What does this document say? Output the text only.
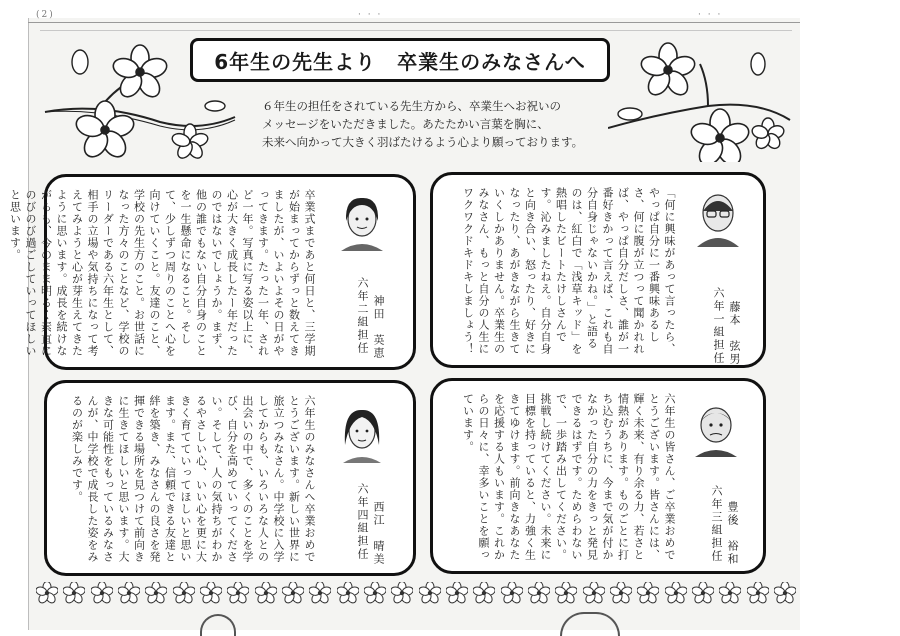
(2)	· · ·	· · ·
6年生の先生より　卒業生のみなさんへ

６年生の担任をされている先生方から、卒業生へお祝いの

メッセージをいただきました。あたたかい言葉を胸に、

未来へ向かって大きく羽ばたけるよう心より願っております。

「何に興味があって言ったら、やっぱ自分に一番興味あるしさ、何に腹が立つって聞かれれば、やっぱ自分だしさ、誰が一番好きかって言えば、これも自分自身じゃないかね。」と語るのは、紅白で「浅草キッド」を熱唱したビートたけしさんです。沁みましたねえ。自分自身と向き合い、怒ったり、好きになったり、あがきながら生きていくしかありません。卒業生のみなさん、もっと自分の人生にワクワクドキドキしましょう！	六年一組担任 藤本　弦男
卒業式まであと何日と、三学期が始まってからずっと数えてきましたが、いよいよその日がやってきます。たった一年、されど一年。写真に写る姿以上に、心が大きく成長したー年だったのではないでしょうか。まず、他の誰でもない自分自身のことを一生懸命になること。そして、少しずつ周りのことへ心を向けていくこと。友達のこと、学校の先生方のこと。お世話になった方々のことなど、学校のリーダーである六年生として、相手の立場や気持ちになって考えてみようと心が芽生えてきたように思います。成長を続けながらも、今のまま明るく素直にのびのび過ごしていってほしいと思います。
六年二組担任 神田　英恵
六年生の皆さん、ご卒業おめでとうございます。皆さんには、輝く未来、有り余る力、若さと情熱があります。ものごとに打ち込むうちに、今まで気が付かなかった自分の力をきっと発見できるはずです。ためらわないで、一歩踏み出してください。挑戦し続けてください。未来に目標を持っていると、力強く生きてゆけます。前向きなあなたを応援する人もいます。これからの日々に、幸多いことを願っています。
六年三組担任 豊後　裕和
六年生のみなさんへ卒業おめでとうございます。新しい世界に旅立つみなさん。中学校に入学してからも、いろいろな人との出会いの中で、多くのことを学び、自分を高めていってください。そして、人の気持ちがわかるやさしい心、いい心を更に大きく育てていってほしいと思います。また、信頼できる友達と絆を築き、みなさんの良さを発揮できる場所を見つけて前向きに生きてほしいと思います。大きな可能性をもっているみなさんが、中学校で成長した姿をみるのが楽しみです。
六年四組担任 西江　晴美
